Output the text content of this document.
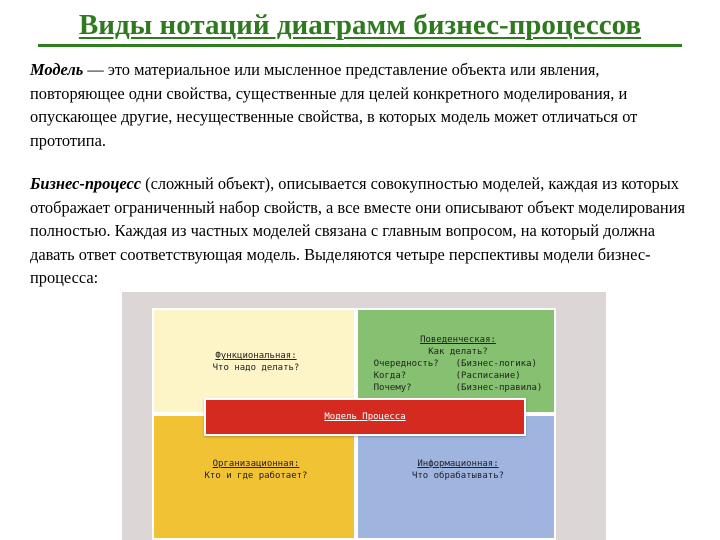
Виды нотаций диаграмм бизнес-процессов
Модель — это материальное или мысленное представление объекта или явления, повторяющее одни свойства, существенные для целей конкретного моделирования, и опускающее другие, несущественные свойства, в которых модель может отличаться от прототипа.
Бизнес-процесс (сложный объект), описывается совокупностью моделей, каждая из которых отображает ограниченный набор свойств, а все вместе они описывают объект моделирования полностью. Каждая из частных моделей связана с главным вопросом, на который должна давать ответ соответствующая модель. Выделяются четыре перспективы модели бизнес-процесса:
Функциональная:
Что надо делать?
Поведенческая:
Как делать?
Очередность?	(Бизнес-логика)
Когда?	(Расписание)
Почему?	(Бизнес-правила)
Организационная:
Кто и где работает?
Информационная:
Что обрабатывать?
Модель Процесса
